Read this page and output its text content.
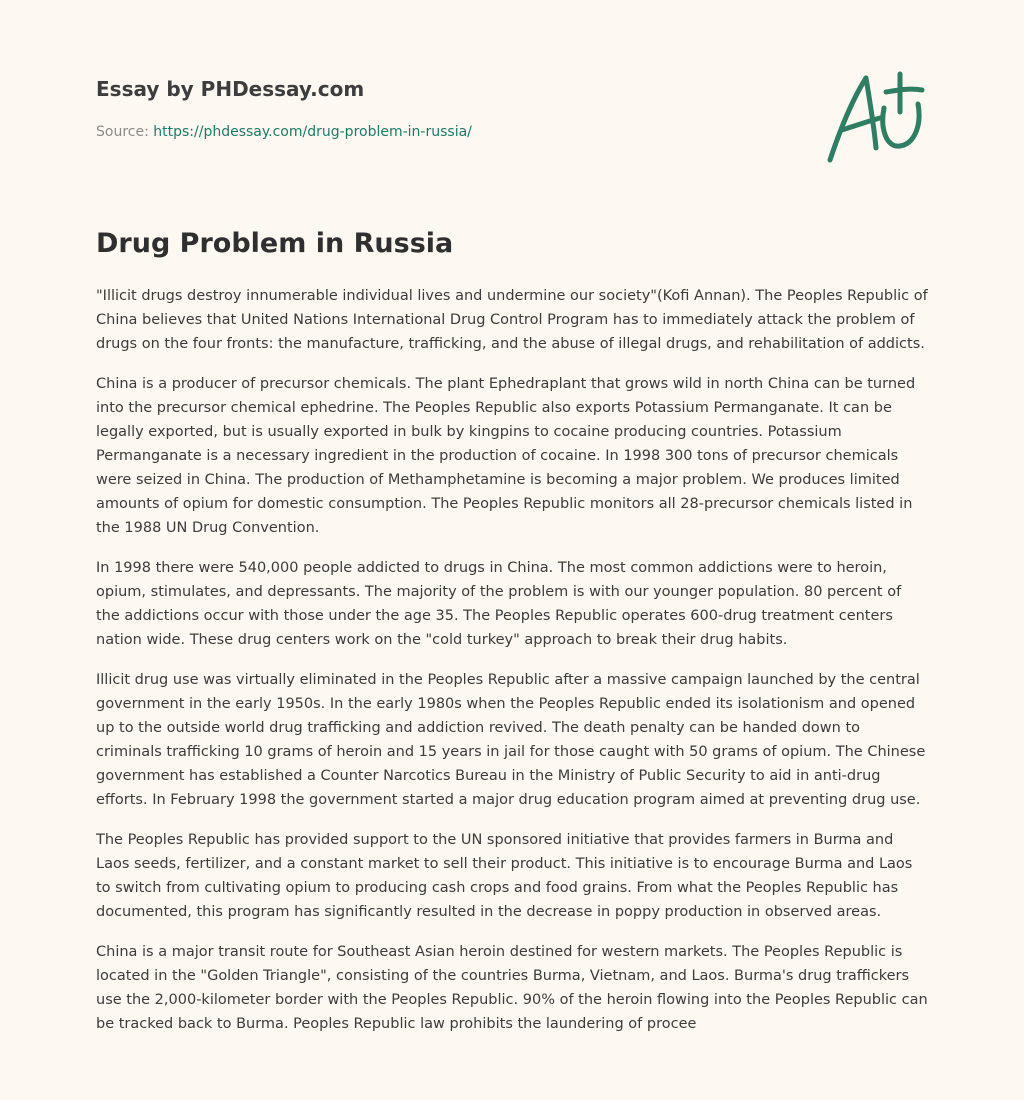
Essay by PHDessay.com
Source: https://phdessay.com/drug-problem-in-russia/
Drug Problem in Russia

"Illicit drugs destroy innumerable individual lives and undermine our society"(Kofi Annan). The Peoples Republic of China believes that United Nations International Drug Control Program has to immediately attack the problem of drugs on the four fronts: the manufacture, trafficking, and the abuse of illegal drugs, and rehabilitation of addicts.

China is a producer of precursor chemicals. The plant Ephedraplant that grows wild in north China can be turned into the precursor chemical ephedrine. The Peoples Republic also exports Potassium Permanganate. It can be legally exported, but is usually exported in bulk by kingpins to cocaine producing countries. Potassium Permanganate is a necessary ingredient in the production of cocaine. In 1998 300 tons of precursor chemicals were seized in China. The production of Methamphetamine is becoming a major problem. We produces limited amounts of opium for domestic consumption. The Peoples Republic monitors all 28-precursor chemicals listed in the 1988 UN Drug Convention.

In 1998 there were 540,000 people addicted to drugs in China. The most common addictions were to heroin, opium, stimulates, and depressants. The majority of the problem is with our younger population. 80 percent of the addictions occur with those under the age 35. The Peoples Republic operates 600-drug treatment centers nation wide. These drug centers work on the "cold turkey" approach to break their drug habits.

Illicit drug use was virtually eliminated in the Peoples Republic after a massive campaign launched by the central government in the early 1950s. In the early 1980s when the Peoples Republic ended its isolationism and opened up to the outside world drug trafficking and addiction revived. The death penalty can be handed down to criminals trafficking 10 grams of heroin and 15 years in jail for those caught with 50 grams of opium. The Chinese government has established a Counter Narcotics Bureau in the Ministry of Public Security to aid in anti-drug efforts. In February 1998 the government started a major drug education program aimed at preventing drug use.

The Peoples Republic has provided support to the UN sponsored initiative that provides farmers in Burma and Laos seeds, fertilizer, and a constant market to sell their product. This initiative is to encourage Burma and Laos to switch from cultivating opium to producing cash crops and food grains. From what the Peoples Republic has documented, this program has significantly resulted in the decrease in poppy production in observed areas.

China is a major transit route for Southeast Asian heroin destined for western markets. The Peoples Republic is located in the "Golden Triangle", consisting of the countries Burma, Vietnam, and Laos. Burma's drug traffickers use the 2,000-kilometer border with the Peoples Republic. 90% of the heroin flowing into the Peoples Republic can be tracked back to Burma. Peoples Republic law prohibits the laundering of procee
